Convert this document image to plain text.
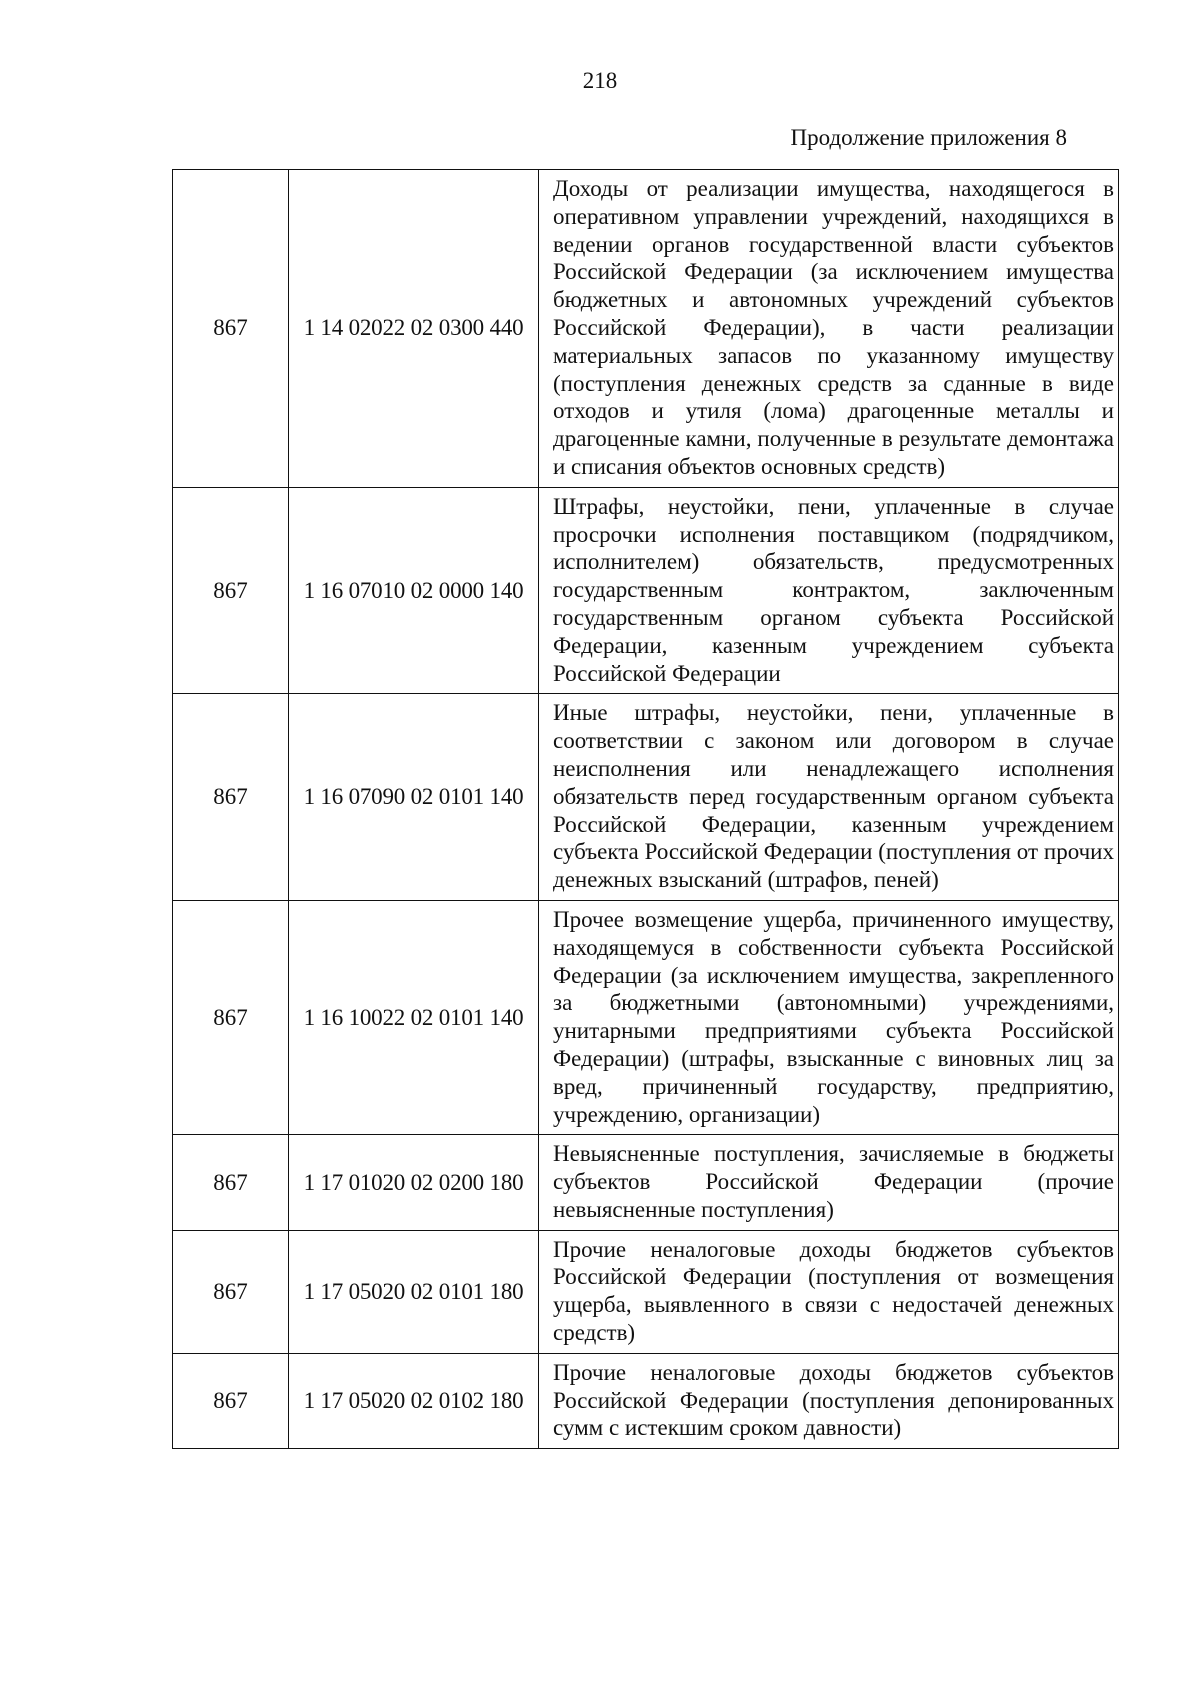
218
Продолжение приложения 8
867	1 14 02022 02 0300 440	Доходы от реализации имущества, находящегося в оперативном управлении учреждений, находящихся в ведении органов государственной власти субъектов Российской Федерации (за исключением имущества бюджетных и автономных учреждений субъектов Российской Федерации), в части реализации материальных запасов по указанному имуществу (поступления денежных средств за сданные в виде отходов и утиля (лома) драгоценные металлы и драгоценные камни, полученные в результате демонтажа и списания объектов основных средств)
867	1 16 07010 02 0000 140	Штрафы, неустойки, пени, уплаченные в случае просрочки исполнения поставщиком (подрядчиком, исполнителем) обязательств, предусмотренных государственным контрактом, заключенным государственным органом субъекта Российской Федерации, казенным учреждением субъекта Российской Федерации
867	1 16 07090 02 0101 140	Иные штрафы, неустойки, пени, уплаченные в соответствии с законом или договором в случае неисполнения или ненадлежащего исполнения обязательств перед государственным органом субъекта Российской Федерации, казенным учреждением субъекта Российской Федерации (поступления от прочих денежных взысканий (штрафов, пеней)
867	1 16 10022 02 0101 140	Прочее возмещение ущерба, причиненного имуществу, находящемуся в собственности субъекта Российской Федерации (за исключением имущества, закрепленного за бюджетными (автономными) учреждениями, унитарными предприятиями субъекта Российской Федерации) (штрафы, взысканные с виновных лиц за вред, причиненный государству, предприятию, учреждению, организации)
867	1 17 01020 02 0200 180	Невыясненные поступления, зачисляемые в бюджеты субъектов Российской Федерации (прочие невыясненные поступления)
867	1 17 05020 02 0101 180	Прочие неналоговые доходы бюджетов субъектов Российской Федерации (поступления от возмещения ущерба, выявленного в связи с недостачей денежных средств)
867	1 17 05020 02 0102 180	Прочие неналоговые доходы бюджетов субъектов Российской Федерации (поступления депонированных сумм с истекшим сроком давности)
